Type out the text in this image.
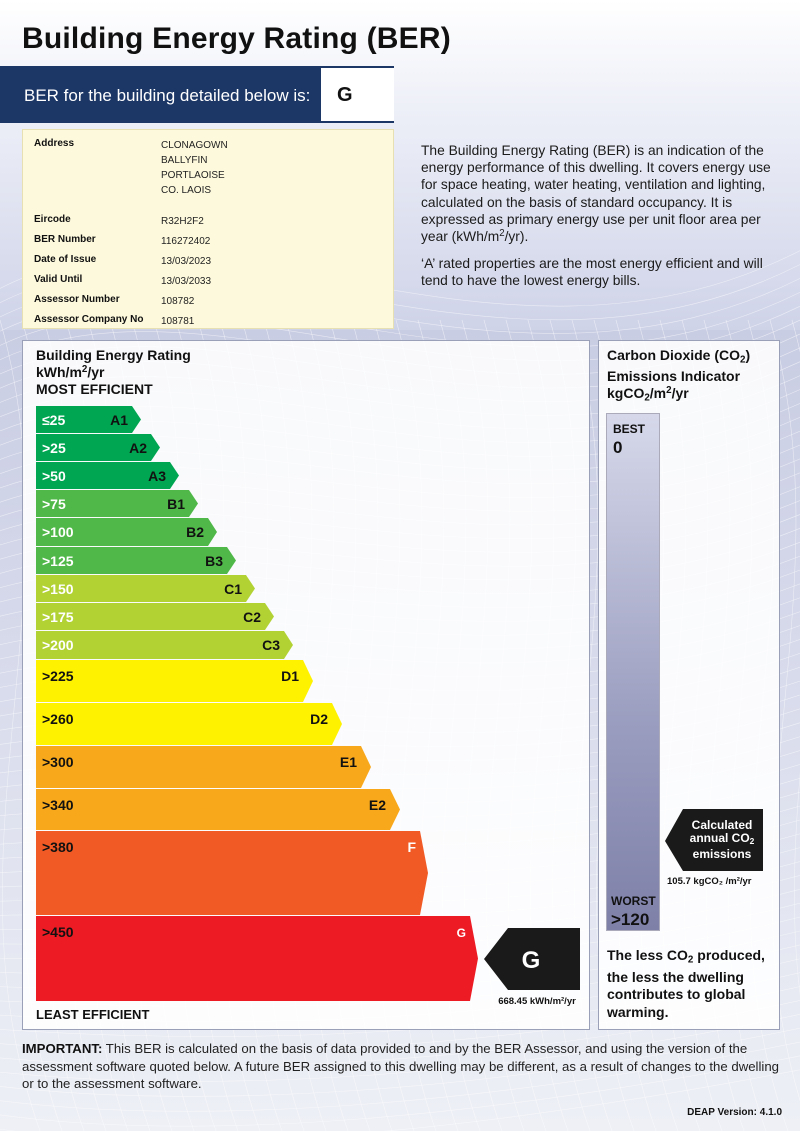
Building Energy Rating (BER)
BER for the building detailed below is:	G
Address	CLONAGOWN
BALLYFIN
PORTLAOISE
CO. LAOIS
Eircode	R32H2F2
BER Number	116272402
Date of Issue	13/03/2023
Valid Until	13/03/2033
Assessor Number	108782
Assessor Company No 108781

The Building Energy Rating (BER) is an indication of the energy performance of this dwelling. It covers energy use for space heating, water heating, ventilation and lighting, calculated on the basis of standard occupancy. It is expressed as primary energy use per unit floor area per year $(kWh/m^2/yr)$.

‘A’ rated properties are the most energy efficient and will tend to have the lowest energy bills.

Building Energy Rating
kWh/$m^2/yr$
MOST EFFICIENT
≤25	A1
>25	A2
>50	A3
>75	B1
>100	B2
>125	B3
>150	C1
>175	C2
>200	C3
>225	D1
>260	D2
>300	E1
>340	E2
>380	F
>450	G
G
668.45 kWh/m²/yr
LEAST EFFICIENT
Carbon Dioxide $(CO_2)$
Emissions Indicator
$kgCO_2/m^2/yr$
BEST
0
WORST
>120
Calculated
annual $CO_2$
emissions
105.7 kgCO₂ /m²/yr
The less $CO_2$ produced, the less the dwelling contributes to global warming.
IMPORTANT: This BER is calculated on the basis of data provided to and by the BER Assessor, and using the version of the assessment software quoted below. A future BER assigned to this dwelling may be different, as a result of changes to the dwelling or to the assessment software.
DEAP Version: 4.1.0
